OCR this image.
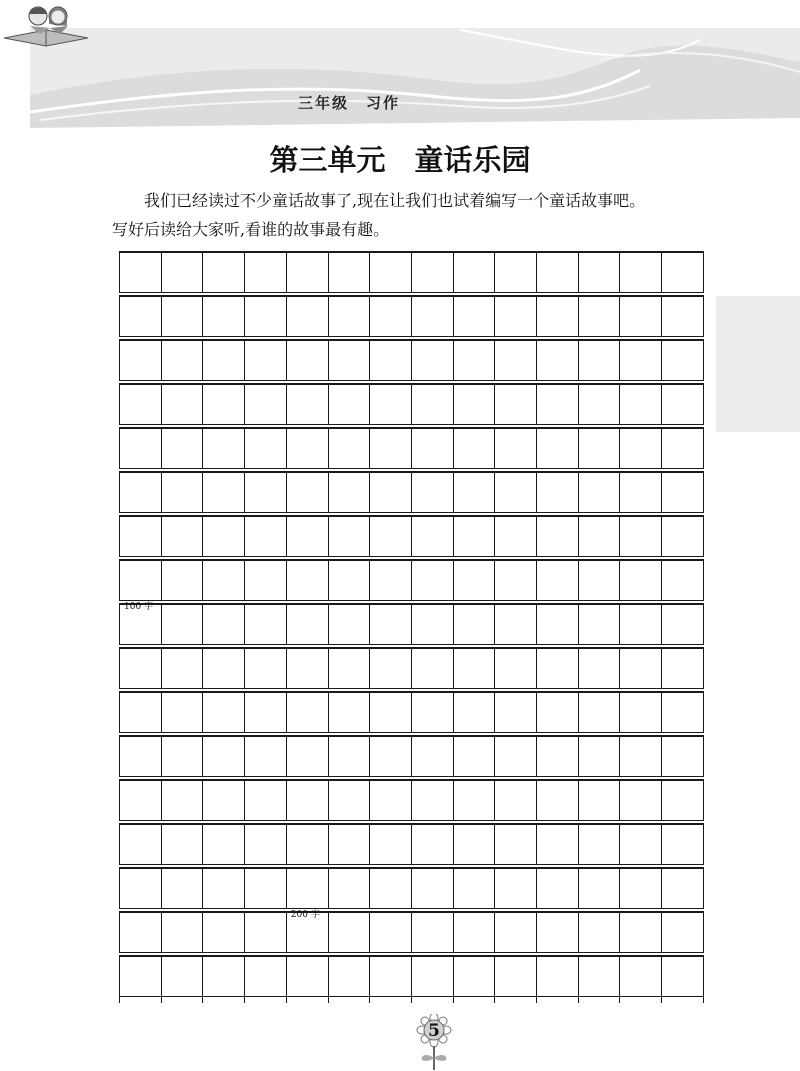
三年级　习作
第三单元　童话乐园

我们已经读过不少童话故事了,现在让我们也试着编写一个童话故事吧。

写好后读给大家听,看谁的故事最有趣。

100 字
200 字
5
